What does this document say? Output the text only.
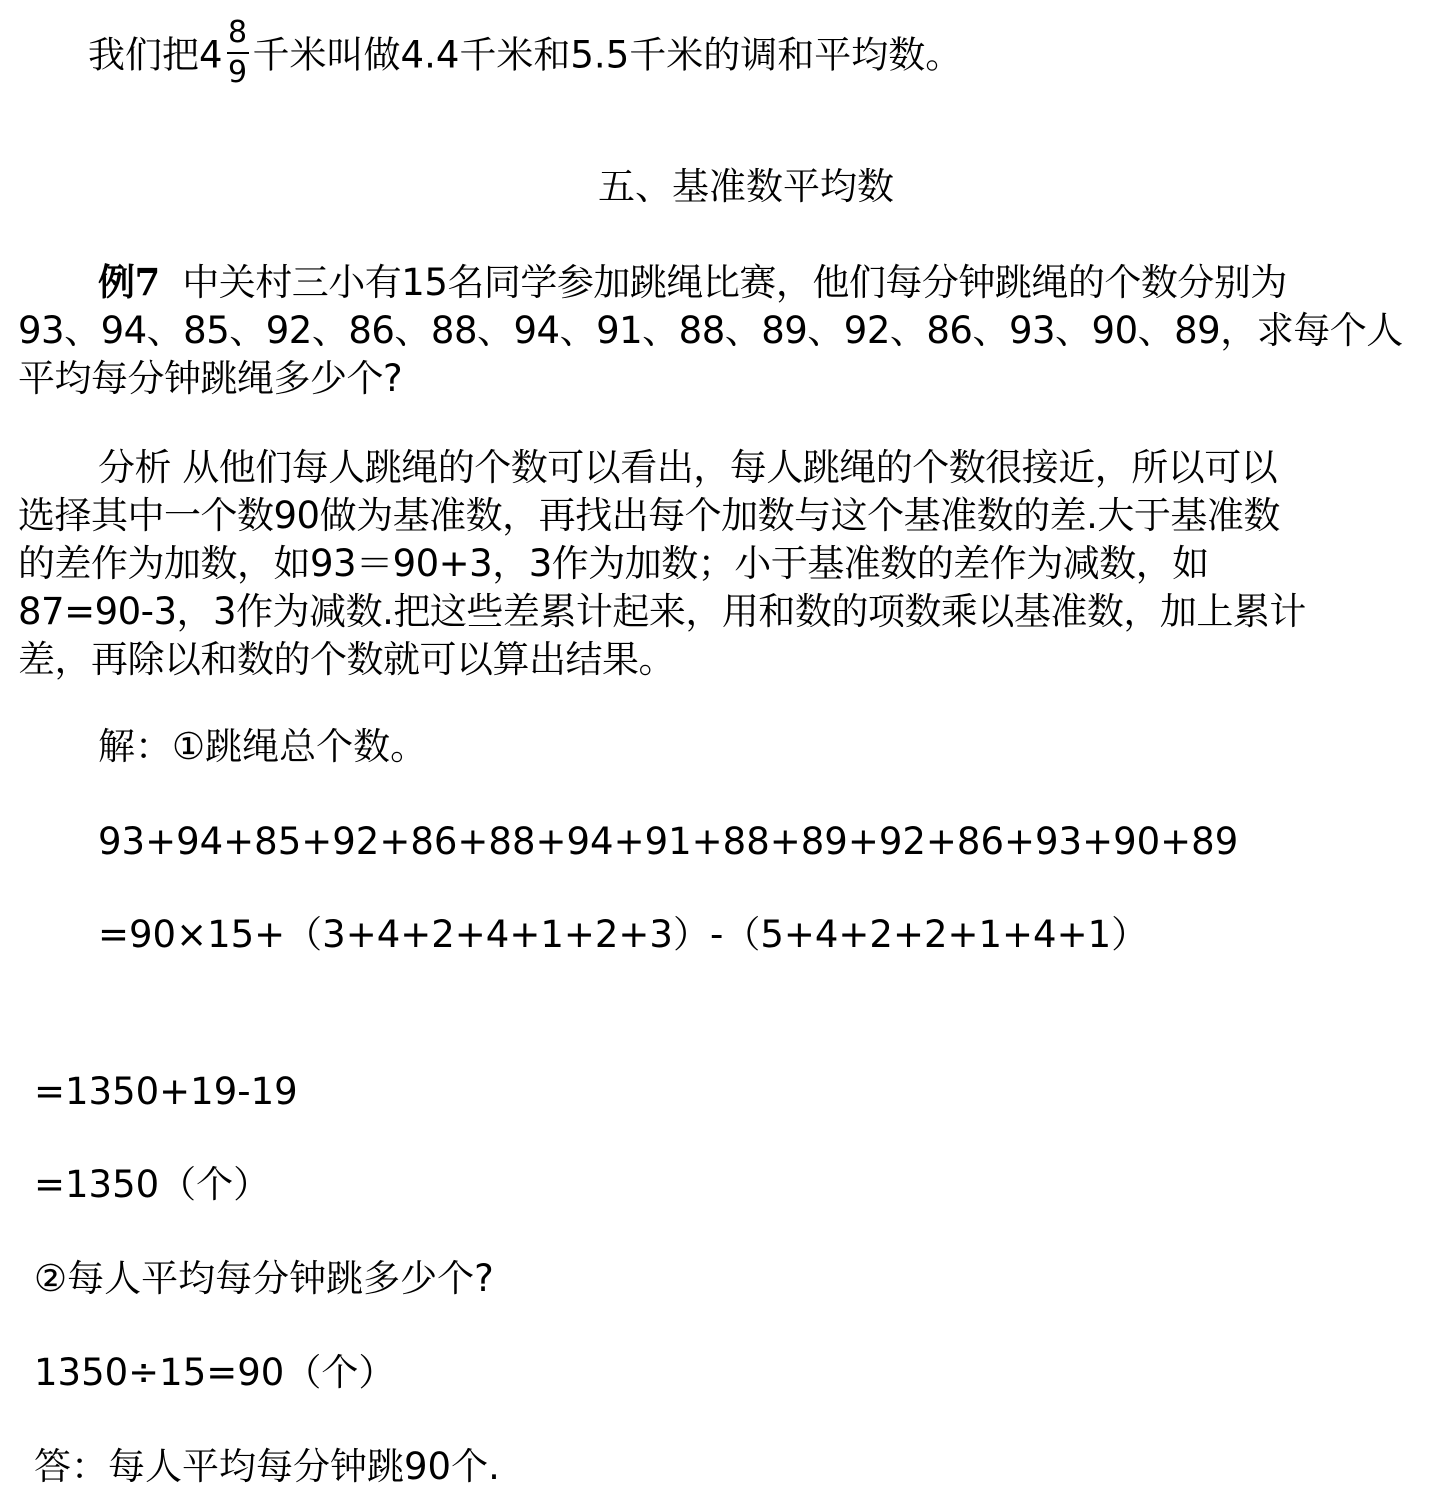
我们把$4 \frac{8}{9}$ 千米叫做4.4千米和5.5千米的调和平均数。
五、基准数平均数
例7 中关村三小有15名同学参加跳绳比赛，他们每分钟跳绳的个数分别为
93、94、85、92、86、88、94、91、88、89、92、86、93、90、89，求每个人
平均每分钟跳绳多少个?
分析 从他们每人跳绳的个数可以看出，每人跳绳的个数很接近，所以可以
选择其中一个数90做为基准数，再找出每个加数与这个基准数的差.大于基准数
的差作为加数，如93＝90+3，3作为加数；小于基准数的差作为减数，如
87=90-3，3作为减数.把这些差累计起来，用和数的项数乘以基准数，加上累计
差，再除以和数的个数就可以算出结果。
解：①跳绳总个数。
93+94+85+92+86+88+94+91+88+89+92+86+93+90+89
=90×15+（3+4+2+4+1+2+3）-（5+4+2+2+1+4+1）
=1350+19-19
=1350（个）
②每人平均每分钟跳多少个?
1350÷15=90（个）
答：每人平均每分钟跳90个.
